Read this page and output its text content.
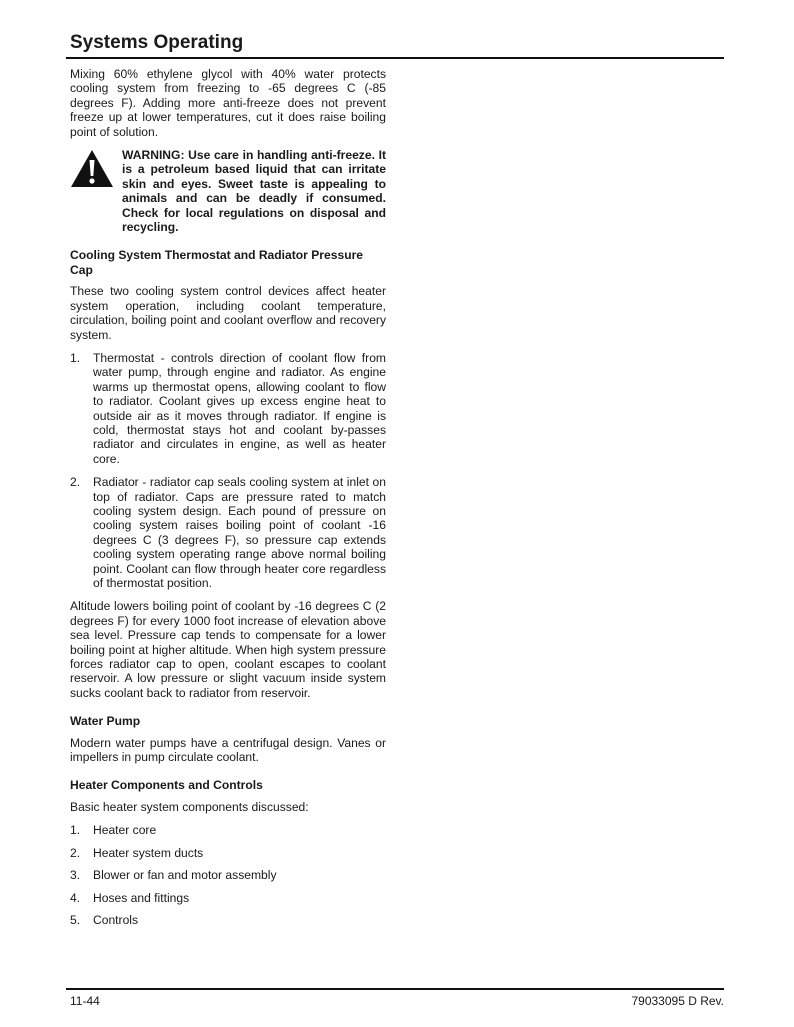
Systems Operating

Mixing 60% ethylene glycol with 40% water protects cooling system from freezing to -65 degrees C (-85 degrees F). Adding more anti-freeze does not prevent freeze up at lower temperatures, cut it does raise boiling point of solution.

WARNING: Use care in handling anti-freeze. It is a petroleum based liquid that can irritate skin and eyes. Sweet taste is appealing to animals and can be deadly if consumed. Check for local regulations on disposal and recycling.
Cooling System Thermostat and Radiator Pressure Cap

These two cooling system control devices affect heater system operation, including coolant temperature, circulation, boiling point and coolant overflow and recovery system.

1.	Thermostat - controls direction of coolant flow from water pump, through engine and radiator. As engine warms up thermostat opens, allowing coolant to flow to radiator. Coolant gives up excess engine heat to outside air as it moves through radiator. If engine is cold, thermostat stays hot and coolant by-passes radiator and circulates in engine, as well as heater core.
2.	Radiator - radiator cap seals cooling system at inlet on top of radiator. Caps are pressure rated to match cooling system design. Each pound of pressure on cooling system raises boiling point of coolant -16 degrees C (3 degrees F), so pressure cap extends cooling system operating range above normal boiling point. Coolant can flow through heater core regardless of thermostat position.

Altitude lowers boiling point of coolant by -16 degrees C (2 degrees F) for every 1000 foot increase of elevation above sea level. Pressure cap tends to compensate for a lower boiling point at higher altitude. When high system pressure forces radiator cap to open, coolant escapes to coolant reservoir. A low pressure or slight vacuum inside system sucks coolant back to radiator from reservoir.

Water Pump

Modern water pumps have a centrifugal design. Vanes or impellers in pump circulate coolant.

Heater Components and Controls

Basic heater system components discussed:

1.	Heater core
2.	Heater system ducts
3.	Blower or fan and motor assembly
4.	Hoses and fittings
5.	Controls
11-44	79033095 D Rev.
